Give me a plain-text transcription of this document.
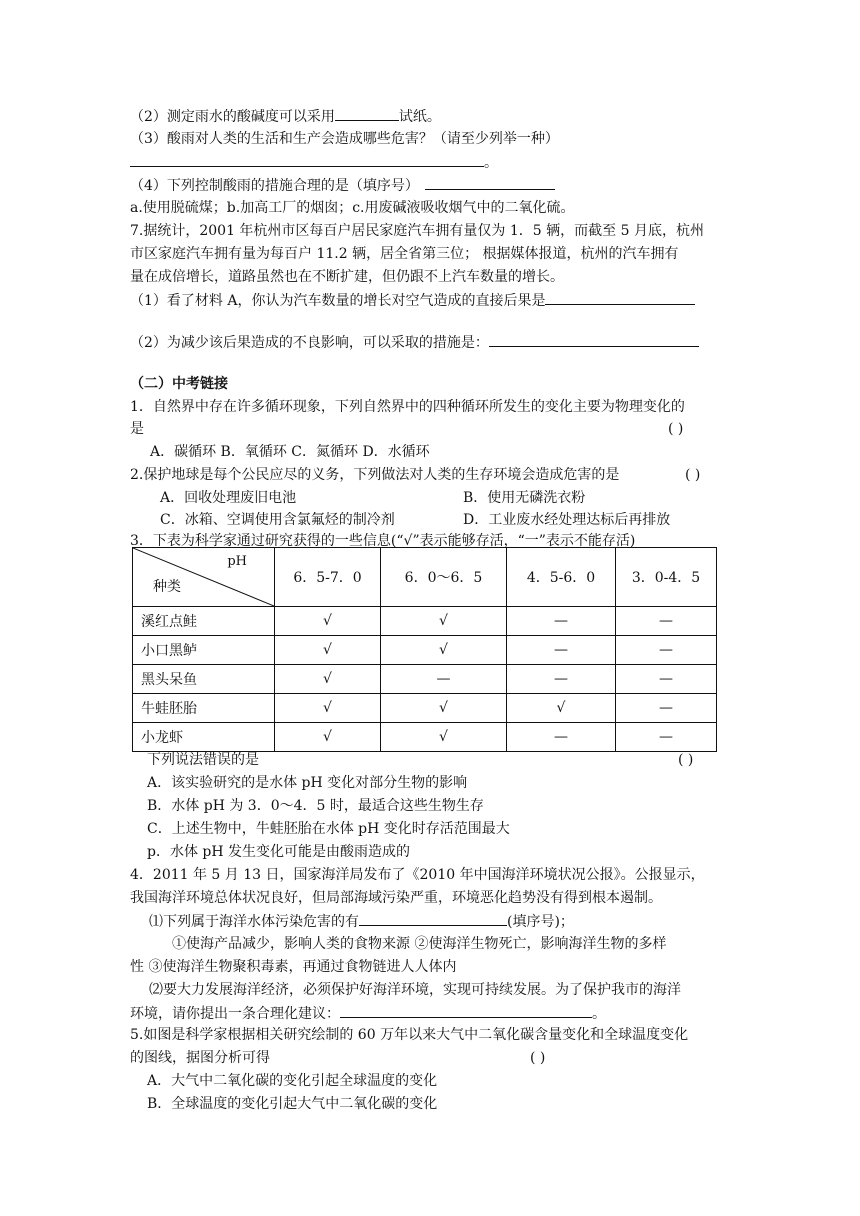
（2）测定雨水的酸碱度可以采用	试纸。
（3）酸雨对人类的生活和生产会造成哪些危害？（请至少列举一种）
。
（4）下列控制酸雨的措施合理的是（填序号）
a.使用脱硫煤；b.加高工厂的烟囱；c.用废碱液吸收烟气中的二氧化硫。
7.据统计，2001 年杭州市区每百户居民家庭汽车拥有量仅为 1．5 辆，而截至 5 月底，杭州
市区家庭汽车拥有量为每百户 11.2 辆，居全省第三位； 根据媒体报道，杭州的汽车拥有
量在成倍增长，道路虽然也在不断扩建，但仍跟不上汽车数量的增长。
（1）看了材料 A，你认为汽车数量的增长对空气造成的直接后果是
（2）为减少该后果造成的不良影响，可以采取的措施是：
（二）中考链接
1．自然界中存在许多循环现象，下列自然界中的四种循环所发生的变化主要为物理变化的
是	( )
A．碳循环 B．氧循环 C．氮循环 D．水循环
2.保护地球是每个公民应尽的义务，下列做法对人类的生存环境会造成危害的是	( )
A．回收处理废旧电池	B．使用无磷洗衣粉
C．冰箱、空调使用含氯氟烃的制冷剂	D．工业废水经处理达标后再排放
3．下表为科学家通过研究获得的一些信息(“√”表示能够存活，“一”表示不能存活)
pH
种类	6．5-7．0	6．0～6．5	4．5-6．0	3．0-4．5
溪红点鲑	√	√	—	—
小口黑鲈	√	√	—	—
黑头呆鱼	√	—	—	—
牛蛙胚胎	√	√	√	—
小龙虾	√	√	—	—
下列说法错误的是	( )
A．该实验研究的是水体 pH 变化对部分生物的影响
B．水体 pH 为 3．0～4．5 时，最适合这些生物生存
C．上述生物中，牛蛙胚胎在水体 pH 变化时存活范围最大
p．水体 pH 发生变化可能是由酸雨造成的
4．2011 年 5 月 13 日，国家海洋局发布了《2010 年中国海洋环境状况公报》。公报显示，
我国海洋环境总体状况良好，但局部海域污染严重，环境恶化趋势没有得到根本遏制。
⑴下列属于海洋水体污染危害的有	(填序号)；
①使海产品减少，影响人类的食物来源 ②使海洋生物死亡，影响海洋生物的多样
性 ③使海洋生物聚积毒素，再通过食物链进人人体内
⑵要大力发展海洋经济，必须保护好海洋环境，实现可持续发展。为了保护我市的海洋
环境，请你提出一条合理化建议：	。
5.如图是科学家根据相关研究绘制的 60 万年以来大气中二氧化碳含量变化和全球温度变化
的图线，据图分析可得	( )
A．大气中二氧化碳的变化引起全球温度的变化
B．全球温度的变化引起大气中二氧化碳的变化
